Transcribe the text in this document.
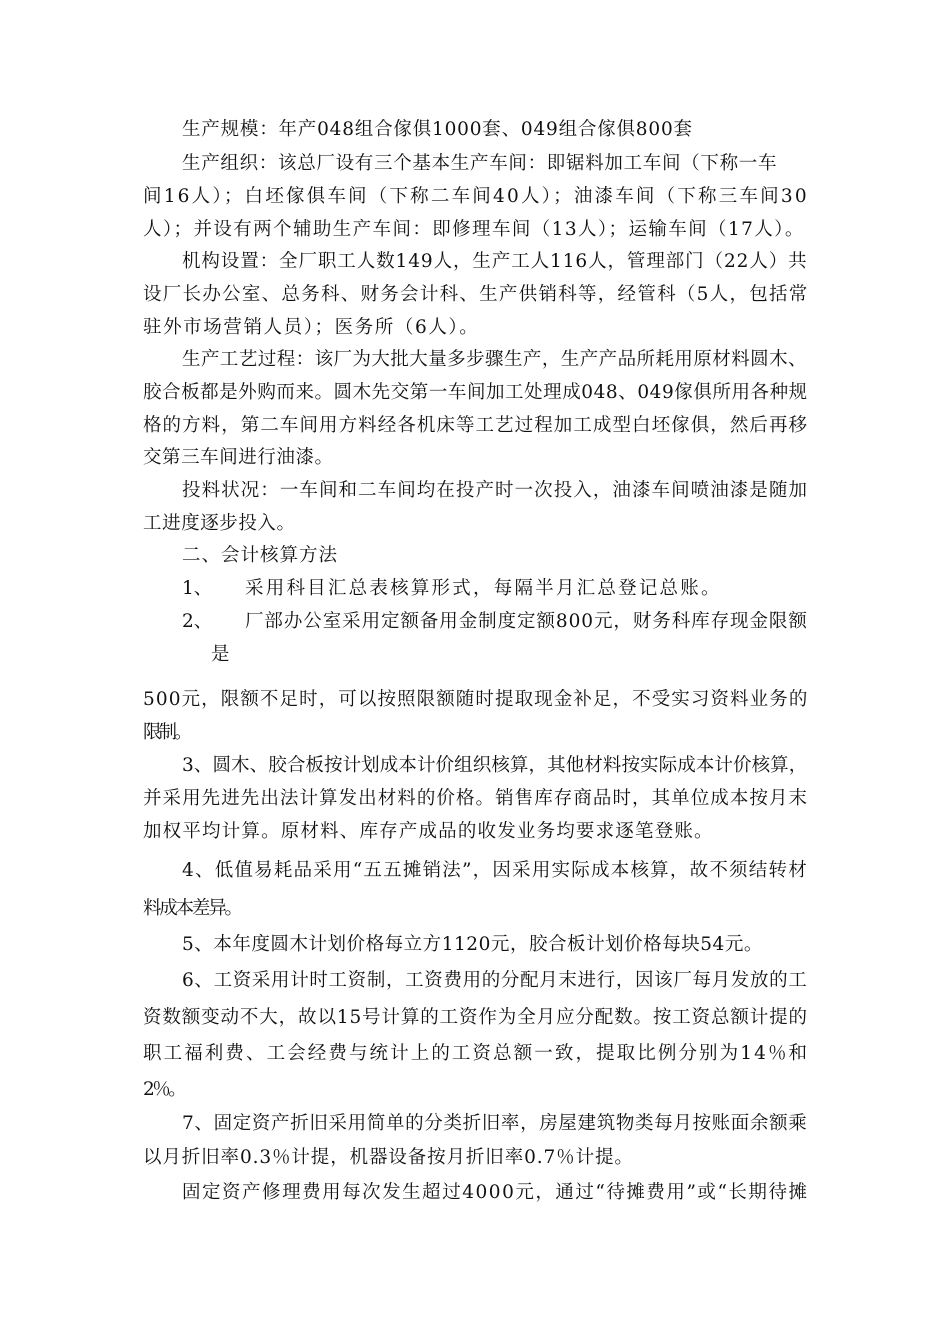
生产规模：年产048组合傢俱1000套、049组合傢俱800套
生产组织：该总厂设有三个基本生产车间：即锯料加工车间（下称一车
间16人）；白坯傢俱车间（下称二车间40人）；油漆车间（下称三车间30
人）；并设有两个辅助生产车间：即修理车间（13人）；运输车间（17人）。
机构设置：全厂职工人数149人，生产工人116人，管理部门（22人）共
设厂长办公室、总务科、财务会计科、生产供销科等，经管科（5人，包括常
驻外市场营销人员）；医务所（6人）。
生产工艺过程：该厂为大批大量多步骤生产，生产产品所耗用原材料圆木、
胶合板都是外购而来。圆木先交第一车间加工处理成048、049傢俱所用各种规
格的方料，第二车间用方料经各机床等工艺过程加工成型白坯傢俱，然后再移
交第三车间进行油漆。
投料状况：一车间和二车间均在投产时一次投入，油漆车间喷油漆是随加
工进度逐步投入。
二、会计核算方法
1、 采用科目汇总表核算形式，每隔半月汇总登记总账。
2、 厂部办公室采用定额备用金制度定额800元，财务科库存现金限额
是
500元，限额不足时，可以按照限额随时提取现金补足，不受实习资料业务的
限制。
3、圆木、胶合板按计划成本计价组织核算，其他材料按实际成本计价核算，
并采用先进先出法计算发出材料的价格。销售库存商品时，其单位成本按月末
加权平均计算。原材料、库存产成品的收发业务均要求逐笔登账。
4、低值易耗品采用“五五摊销法”，因采用实际成本核算，故不须结转材
料成本差异。
5、本年度圆木计划价格每立方1120元，胶合板计划价格每块54元。
6、工资采用计时工资制，工资费用的分配月末进行，因该厂每月发放的工
资数额变动不大，故以15号计算的工资作为全月应分配数。按工资总额计提的
职工福利费、工会经费与统计上的工资总额一致，提取比例分别为14％和
2％。
7、固定资产折旧采用简单的分类折旧率，房屋建筑物类每月按账面余额乘
以月折旧率0.3％计提，机器设备按月折旧率0.7％计提。
固定资产修理费用每次发生超过4000元，通过“待摊费用”或“长期待摊
